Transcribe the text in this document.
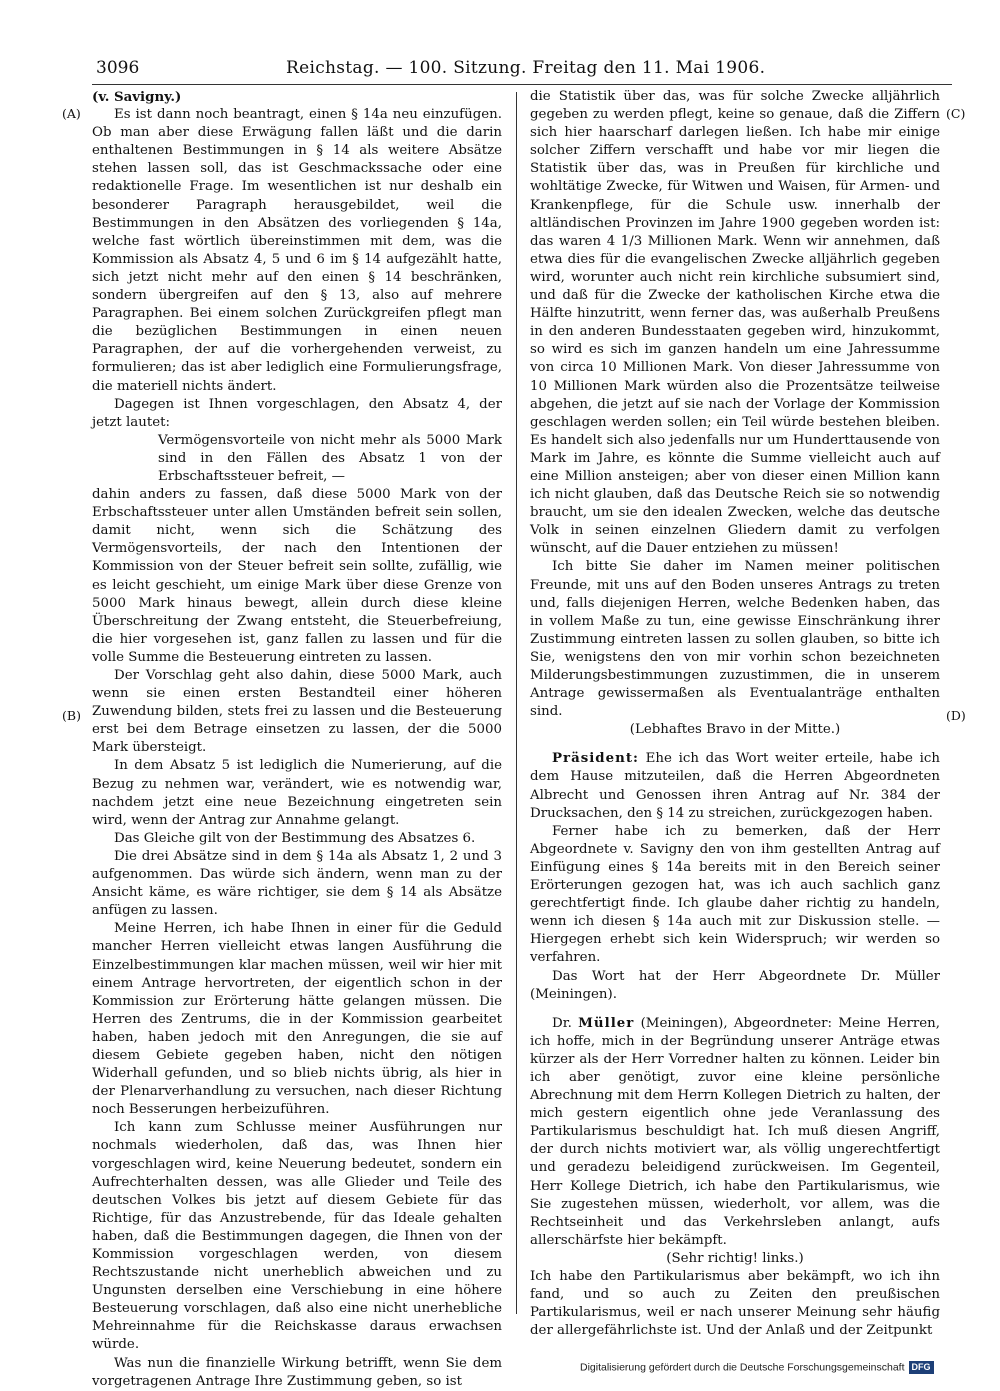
3096	Reichstag. — 100. Sitzung. Freitag den 11. Mai 1906.
(A)
(B)
(C)
(D)

(v. Savigny.)

Es ist dann noch beantragt, einen § 14a neu einzufügen. Ob man aber diese Erwägung fallen läßt und die darin enthaltenen Bestimmungen in § 14 als weitere Absätze stehen lassen soll, das ist Geschmackssache oder eine redaktionelle Frage. Im wesentlichen ist nur deshalb ein besonderer Paragraph herausgebildet, weil die Bestimmungen in den Absätzen des vorliegenden § 14a, welche fast wörtlich übereinstimmen mit dem, was die Kommission als Absatz 4, 5 und 6 im § 14 aufgezählt hatte, sich jetzt nicht mehr auf den einen § 14 beschränken, sondern übergreifen auf den § 13, also auf mehrere Paragraphen. Bei einem solchen Zurückgreifen pflegt man die bezüglichen Bestimmungen in einen neuen Paragraphen, der auf die vorhergehenden verweist, zu formulieren; das ist aber lediglich eine Formulierungsfrage, die materiell nichts ändert.

Dagegen ist Ihnen vorgeschlagen, den Absatz 4, der jetzt lautet:

Vermögensvorteile von nicht mehr als 5000 Mark sind in den Fällen des Absatz 1 von der Erbschaftssteuer befreit, —

dahin anders zu fassen, daß diese 5000 Mark von der Erbschaftssteuer unter allen Umständen befreit sein sollen, damit nicht, wenn sich die Schätzung des Vermögensvorteils, der nach den Intentionen der Kommission von der Steuer befreit sein sollte, zufällig, wie es leicht geschieht, um einige Mark über diese Grenze von 5000 Mark hinaus bewegt, allein durch diese kleine Überschreitung der Zwang entsteht, die Steuerbefreiung, die hier vorgesehen ist, ganz fallen zu lassen und für die volle Summe die Besteuerung eintreten zu lassen.

Der Vorschlag geht also dahin, diese 5000 Mark, auch wenn sie einen ersten Bestandteil einer höheren Zuwendung bilden, stets frei zu lassen und die Besteuerung erst bei dem Betrage einsetzen zu lassen, der die 5000 Mark übersteigt.

In dem Absatz 5 ist lediglich die Numerierung, auf die Bezug zu nehmen war, verändert, wie es notwendig war, nachdem jetzt eine neue Bezeichnung eingetreten sein wird, wenn der Antrag zur Annahme gelangt.

Das Gleiche gilt von der Bestimmung des Absatzes 6.

Die drei Absätze sind in dem § 14a als Absatz 1, 2 und 3 aufgenommen. Das würde sich ändern, wenn man zu der Ansicht käme, es wäre richtiger, sie dem § 14 als Absätze anfügen zu lassen.

Meine Herren, ich habe Ihnen in einer für die Geduld mancher Herren vielleicht etwas langen Ausführung die Einzelbestimmungen klar machen müssen, weil wir hier mit einem Antrage hervortreten, der eigentlich schon in der Kommission zur Erörterung hätte gelangen müssen. Die Herren des Zentrums, die in der Kommission gearbeitet haben, haben jedoch mit den Anregungen, die sie auf diesem Gebiete gegeben haben, nicht den nötigen Widerhall gefunden, und so blieb nichts übrig, als hier in der Plenarverhandlung zu versuchen, nach dieser Richtung noch Besserungen herbeizuführen.

Ich kann zum Schlusse meiner Ausführungen nur nochmals wiederholen, daß das, was Ihnen hier vorgeschlagen wird, keine Neuerung bedeutet, sondern ein Aufrechterhalten dessen, was alle Glieder und Teile des deutschen Volkes bis jetzt auf diesem Gebiete für das Richtige, für das Anzustrebende, für das Ideale gehalten haben, daß die Bestimmungen dagegen, die Ihnen von der Kommission vorgeschlagen werden, von diesem Rechtszustande nicht unerheblich abweichen und zu Ungunsten derselben eine Verschiebung in eine höhere Besteuerung vorschlagen, daß also eine nicht unerhebliche Mehreinnahme für die Reichskasse daraus erwachsen würde.

Was nun die finanzielle Wirkung betrifft, wenn Sie dem vorgetragenen Antrage Ihre Zustimmung geben, so ist

die Statistik über das, was für solche Zwecke alljährlich gegeben zu werden pflegt, keine so genaue, daß die Ziffern sich hier haarscharf darlegen ließen. Ich habe mir einige solcher Ziffern verschafft und habe vor mir liegen die Statistik über das, was in Preußen für kirchliche und wohltätige Zwecke, für Witwen und Waisen, für Armen- und Krankenpflege, für die Schule usw. innerhalb der altländischen Provinzen im Jahre 1900 gegeben worden ist: das waren 4 1/3 Millionen Mark. Wenn wir annehmen, daß etwa dies für die evangelischen Zwecke alljährlich gegeben wird, worunter auch nicht rein kirchliche subsumiert sind, und daß für die Zwecke der katholischen Kirche etwa die Hälfte hinzutritt, wenn ferner das, was außerhalb Preußens in den anderen Bundesstaaten gegeben wird, hinzukommt, so wird es sich im ganzen handeln um eine Jahressumme von circa 10 Millionen Mark. Von dieser Jahressumme von 10 Millionen Mark würden also die Prozentsätze teilweise abgehen, die jetzt auf sie nach der Vorlage der Kommission geschlagen werden sollen; ein Teil würde bestehen bleiben. Es handelt sich also jedenfalls nur um Hunderttausende von Mark im Jahre, es könnte die Summe vielleicht auch auf eine Million ansteigen; aber von dieser einen Million kann ich nicht glauben, daß das Deutsche Reich sie so notwendig braucht, um sie den idealen Zwecken, welche das deutsche Volk in seinen einzelnen Gliedern damit zu verfolgen wünscht, auf die Dauer entziehen zu müssen!

Ich bitte Sie daher im Namen meiner politischen Freunde, mit uns auf den Boden unseres Antrags zu treten und, falls diejenigen Herren, welche Bedenken haben, das in vollem Maße zu tun, eine gewisse Einschränkung ihrer Zustimmung eintreten lassen zu sollen glauben, so bitte ich Sie, wenigstens den von mir vorhin schon bezeichneten Milderungsbestimmungen zuzustimmen, die in unserem Antrage gewissermaßen als Eventualanträge enthalten sind.

(Lebhaftes Bravo in der Mitte.)

Präsident: Ehe ich das Wort weiter erteile, habe ich dem Hause mitzuteilen, daß die Herren Abgeordneten Albrecht und Genossen ihren Antrag auf Nr. 384 der Drucksachen, den § 14 zu streichen, zurückgezogen haben.

Ferner habe ich zu bemerken, daß der Herr Abgeordnete v. Savigny den von ihm gestellten Antrag auf Einfügung eines § 14a bereits mit in den Bereich seiner Erörterungen gezogen hat, was ich auch sachlich ganz gerechtfertigt finde. Ich glaube daher richtig zu handeln, wenn ich diesen § 14a auch mit zur Diskussion stelle. — Hiergegen erhebt sich kein Widerspruch; wir werden so verfahren.

Das Wort hat der Herr Abgeordnete Dr. Müller (Meiningen).

Dr. Müller (Meiningen), Abgeordneter: Meine Herren, ich hoffe, mich in der Begründung unserer Anträge etwas kürzer als der Herr Vorredner halten zu können. Leider bin ich aber genötigt, zuvor eine kleine persönliche Abrechnung mit dem Herrn Kollegen Dietrich zu halten, der mich gestern eigentlich ohne jede Veranlassung des Partikularismus beschuldigt hat. Ich muß diesen Angriff, der durch nichts motiviert war, als völlig ungerechtfertigt und geradezu beleidigend zurückweisen. Im Gegenteil, Herr Kollege Dietrich, ich habe den Partikularismus, wie Sie zugestehen müssen, wiederholt, vor allem, was die Rechtseinheit und das Verkehrsleben anlangt, aufs allerschärfste hier bekämpft.

(Sehr richtig! links.)

Ich habe den Partikularismus aber bekämpft, wo ich ihn fand, und so auch zu Zeiten den preußischen Partikularismus, weil er nach unserer Meinung sehr häufig der allergefährlichste ist. Und der Anlaß und der Zeitpunkt

Digitalisierung gefördert durch die Deutsche Forschungsgemeinschaft DFG
